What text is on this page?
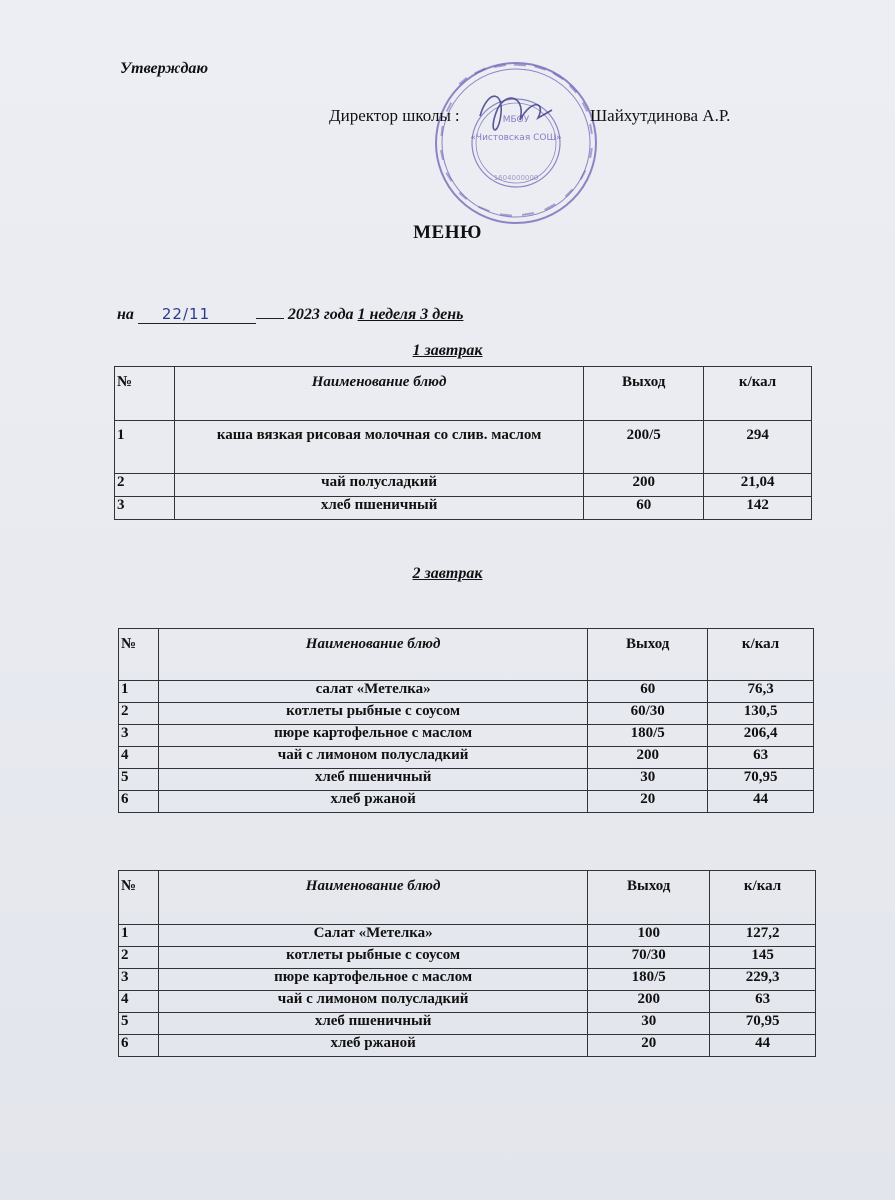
Утверждаю
МБОУ
«Чистовская СОШ»
1604000000
Директор школы :	Шайхутдинова А.Р.
МЕНЮ
на 22/11	2023 года 1 неделя 3 день
1 завтрак
№	Наименование блюд	Выход	к/кал
1	каша вязкая рисовая молочная со слив. маслом	200/5	294
2	чай полусладкий	200	21,04
3	хлеб пшеничный	60	142
2 завтрак
№	Наименование блюд	Выход	к/кал
1	салат «Метелка»	60	76,3
2	котлеты рыбные с соусом	60/30	130,5
3	пюре картофельное с маслом	180/5	206,4
4	чай с лимоном полусладкий	200	63
5	хлеб пшеничный	30	70,95
6	хлеб ржаной	20	44
№	Наименование блюд	Выход	к/кал
1	Салат «Метелка»	100	127,2
2	котлеты рыбные с соусом	70/30	145
3	пюре картофельное с маслом	180/5	229,3
4	чай с лимоном полусладкий	200	63
5	хлеб пшеничный	30	70,95
6	хлеб ржаной	20	44
